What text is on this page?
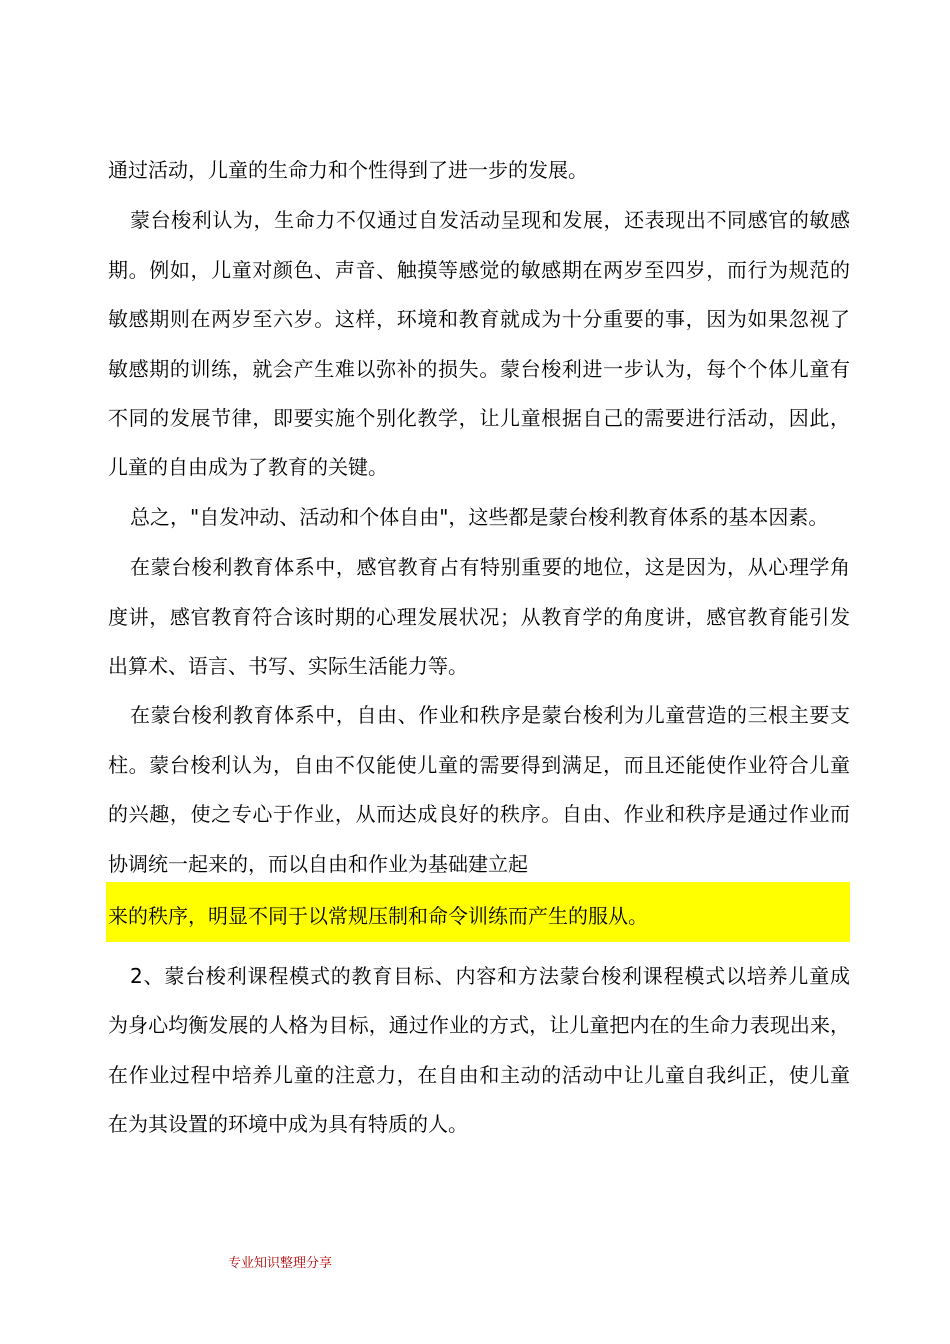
通过活动，儿童的生命力和个性得到了进一步的发展。
蒙台梭利认为，生命力不仅通过自发活动呈现和发展，还表现出不同感官的敏感
期。例如，儿童对颜色、声音、触摸等感觉的敏感期在两岁至四岁，而行为规范的
敏感期则在两岁至六岁。这样，环境和教育就成为十分重要的事，因为如果忽视了
敏感期的训练，就会产生难以弥补的损失。蒙台梭利进一步认为，每个个体儿童有
不同的发展节律，即要实施个别化教学，让儿童根据自己的需要进行活动，因此，
儿童的自由成为了教育的关键。
总之，"自发冲动、活动和个体自由"，这些都是蒙台梭利教育体系的基本因素。
在蒙台梭利教育体系中，感官教育占有特别重要的地位，这是因为，从心理学角
度讲，感官教育符合该时期的心理发展状况；从教育学的角度讲，感官教育能引发
出算术、语言、书写、实际生活能力等。
在蒙台梭利教育体系中，自由、作业和秩序是蒙台梭利为儿童营造的三根主要支
柱。蒙台梭利认为，自由不仅能使儿童的需要得到满足，而且还能使作业符合儿童
的兴趣，使之专心于作业，从而达成良好的秩序。自由、作业和秩序是通过作业而
协调统一起来的，而以自由和作业为基础建立起
来的秩序，明显不同于以常规压制和命令训练而产生的服从。
2、蒙台梭利课程模式的教育目标、内容和方法蒙台梭利课程模式以培养儿童成
为身心均衡发展的人格为目标，通过作业的方式，让儿童把内在的生命力表现出来，
在作业过程中培养儿童的注意力，在自由和主动的活动中让儿童自我纠正，使儿童
在为其设置的环境中成为具有特质的人。
专业知识整理分享
